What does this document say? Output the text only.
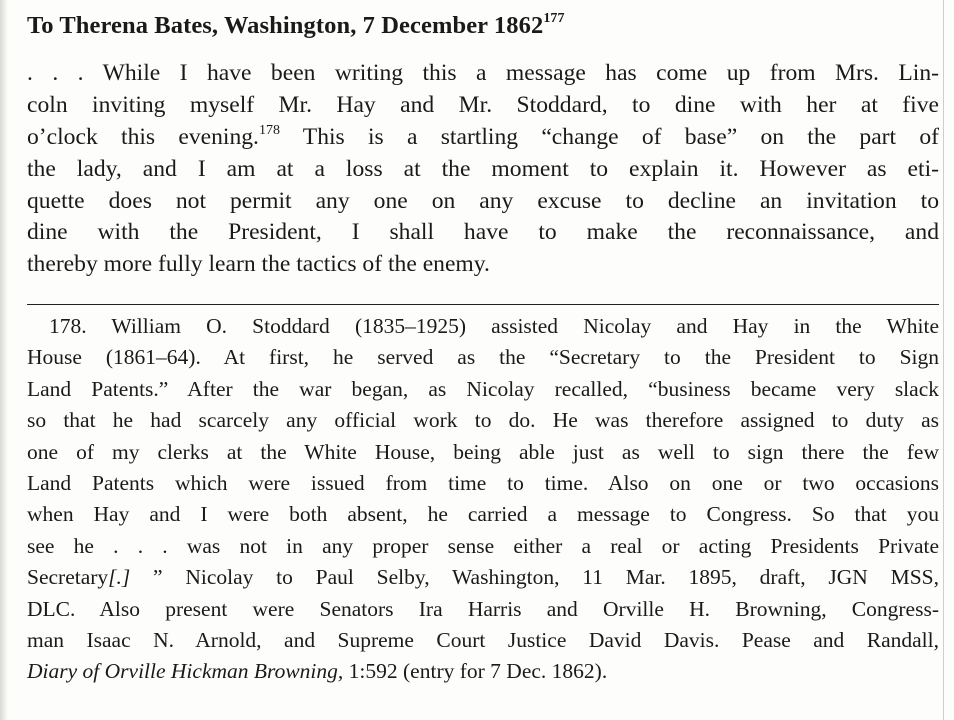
To Therena Bates, Washington, 7 December 1862$^{177}$
. . . While I have been writing this a message has come up from Mrs. Lin-
coln inviting myself Mr. Hay and Mr. Stoddard, to dine with her at five
o’clock this evening.$^{178}$ This is a startling “change of base” on the part of
the lady, and I am at a loss at the moment to explain it. However as eti-
quette does not permit any one on any excuse to decline an invitation to
dine with the President, I shall have to make the reconnaissance, and
thereby more fully learn the tactics of the enemy.
178. William O. Stoddard (1835–1925) assisted Nicolay and Hay in the White
House (1861–64). At first, he served as the “Secretary to the President to Sign
Land Patents.” After the war began, as Nicolay recalled, “business became very slack
so that he had scarcely any official work to do. He was therefore assigned to duty as
one of my clerks at the White House, being able just as well to sign there the few
Land Patents which were issued from time to time. Also on one or two occasions
when Hay and I were both absent, he carried a message to Congress. So that you
see he . . . was not in any proper sense either a real or acting Presidents Private
Secretary[.] ” Nicolay to Paul Selby, Washington, 11 Mar. 1895, draft, JGN MSS,
DLC. Also present were Senators Ira Harris and Orville H. Browning, Congress-
man Isaac N. Arnold, and Supreme Court Justice David Davis. Pease and Randall,
Diary of Orville Hickman Browning, 1:592 (entry for 7 Dec. 1862).
